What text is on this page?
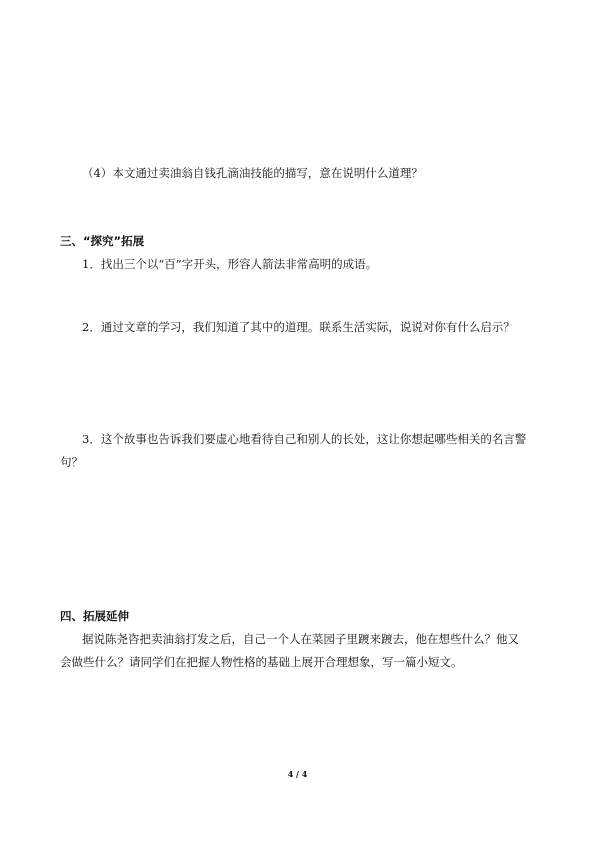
（4）本文通过卖油翁自钱孔滴油技能的描写，意在说明什么道理？
三、“探究”拓展
1．找出三个以“百”字开头，形容人箭法非常高明的成语。
2．通过文章的学习，我们知道了其中的道理。联系生活实际，说说对你有什么启示？
3．这个故事也告诉我们要虚心地看待自己和别人的长处，这让你想起哪些相关的名言警
句？
四、拓展延伸
据说陈尧咨把卖油翁打发之后，自己一个人在菜园子里踱来踱去，他在想些什么？他又
会做些什么？请同学们在把握人物性格的基础上展开合理想象，写一篇小短文。
4 / 4
